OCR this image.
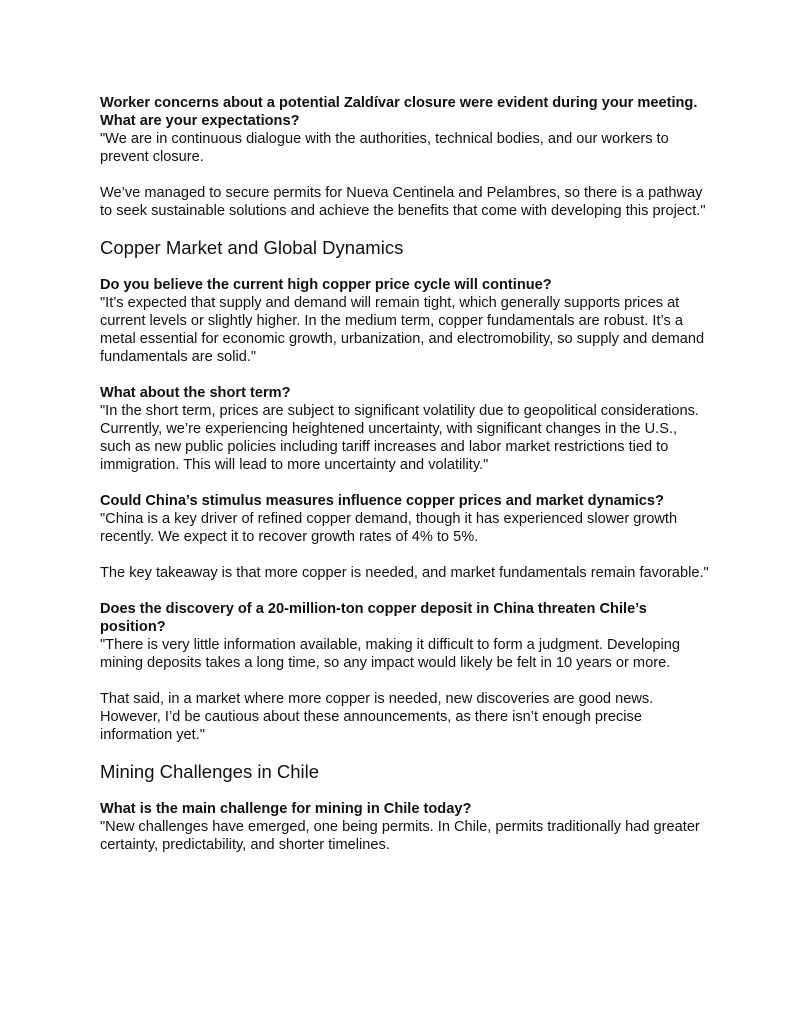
Worker concerns about a potential Zaldívar closure were evident during your meeting. What are your expectations?

"We are in continuous dialogue with the authorities, technical bodies, and our workers to prevent closure.

We’ve managed to secure permits for Nueva Centinela and Pelambres, so there is a pathway to seek sustainable solutions and achieve the benefits that come with developing this project."

Copper Market and Global Dynamics

Do you believe the current high copper price cycle will continue?

"It’s expected that supply and demand will remain tight, which generally supports prices at current levels or slightly higher. In the medium term, copper fundamentals are robust. It’s a metal essential for economic growth, urbanization, and electromobility, so supply and demand fundamentals are solid."

What about the short term?

"In the short term, prices are subject to significant volatility due to geopolitical considerations. Currently, we’re experiencing heightened uncertainty, with significant changes in the U.S., such as new public policies including tariff increases and labor market restrictions tied to immigration. This will lead to more uncertainty and volatility."

Could China’s stimulus measures influence copper prices and market dynamics?

"China is a key driver of refined copper demand, though it has experienced slower growth recently. We expect it to recover growth rates of 4% to 5%.

The key takeaway is that more copper is needed, and market fundamentals remain favorable."

Does the discovery of a 20-million-ton copper deposit in China threaten Chile’s position?

"There is very little information available, making it difficult to form a judgment. Developing mining deposits takes a long time, so any impact would likely be felt in 10 years or more.

That said, in a market where more copper is needed, new discoveries are good news. However, I’d be cautious about these announcements, as there isn’t enough precise information yet."

Mining Challenges in Chile

What is the main challenge for mining in Chile today?

"New challenges have emerged, one being permits. In Chile, permits traditionally had greater certainty, predictability, and shorter timelines.
